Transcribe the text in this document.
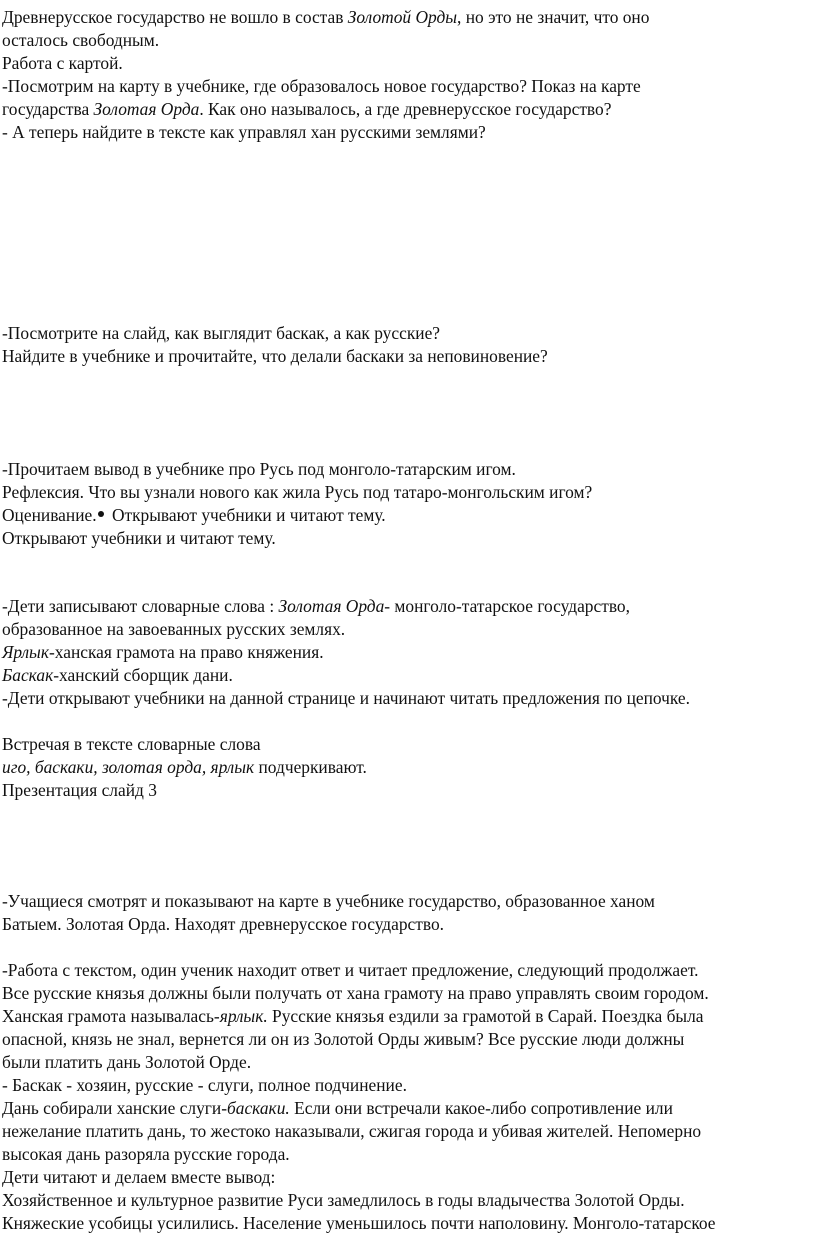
Древнерусское государство не вошло в состав Золотой Орды, но это не значит, что оно
осталось свободным.
Работа с картой.
-Посмотрим на карту в учебнике, где образовалось новое государство? Показ на карте
государства Золотая Орда. Как оно называлось, а где древнерусское государство?
- А теперь найдите в тексте как управлял хан русскими землями?
-Посмотрите на слайд, как выглядит баскак, а как русские?
Найдите в учебнике и прочитайте, что делали баскаки за неповиновение?
-Прочитаем вывод в учебнике про Русь под монголо-татарским игом.
Рефлексия. Что вы узнали нового как жила Русь под татаро-монгольским игом?
Оценивание. Открывают учебники и читают тему.
Открывают учебники и читают тему.
-Дети записывают словарные слова : Золотая Орда- монголо-татарское государство,
образованное на завоеванных русских землях.
Ярлык-ханская грамота на право княжения.
Баскак-ханский сборщик дани.
-Дети открывают учебники на данной странице и начинают читать предложения по цепочке.
Встречая в тексте словарные слова
иго, баскаки, золотая орда, ярлык подчеркивают.
Презентация слайд 3
-Учащиеся смотрят и показывают на карте в учебнике государство, образованное ханом
Батыем. Золотая Орда. Находят древнерусское государство.
-Работа с текстом, один ученик находит ответ и читает предложение, следующий продолжает.
Все русские князья должны были получать от хана грамоту на право управлять своим городом.
Ханская грамота называлась-ярлык. Русские князья ездили за грамотой в Сарай. Поездка была
опасной, князь не знал, вернется ли он из Золотой Орды живым? Все русские люди должны
были платить дань Золотой Орде.
- Баскак - хозяин, русские - слуги, полное подчинение.
Дань собирали ханские слуги-баскаки. Если они встречали какое-либо сопротивление или
нежелание платить дань, то жестоко наказывали, сжигая города и убивая жителей. Непомерно
высокая дань разоряла русские города.
Дети читают и делаем вместе вывод:
Хозяйственное и культурное развитие Руси замедлилось в годы владычества Золотой Орды.
Княжеские усобицы усилились. Население уменьшилось почти наполовину. Монголо-татарское
